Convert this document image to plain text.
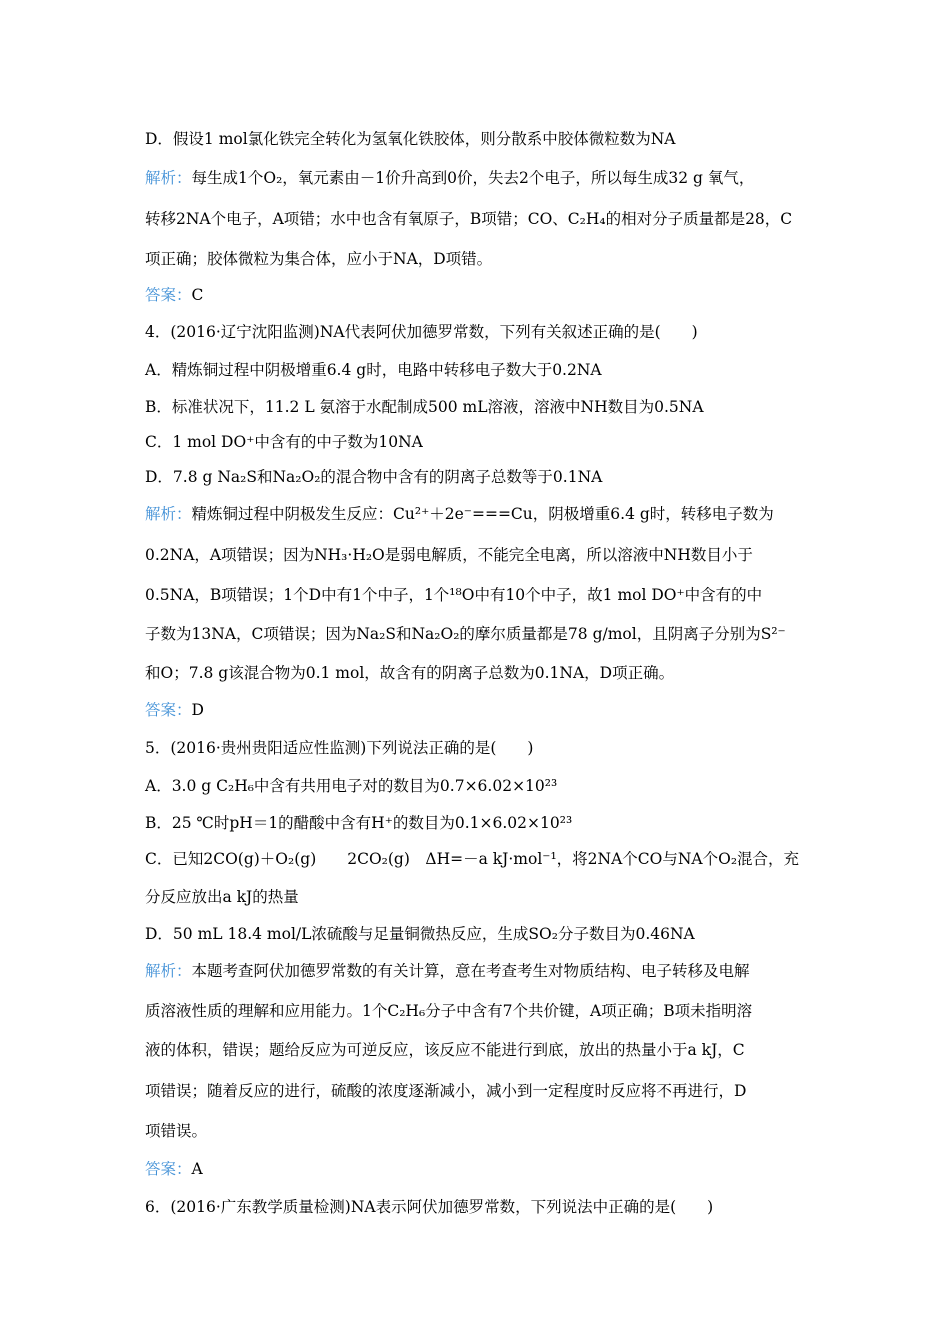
D．假设1 mol氯化铁完全转化为氢氧化铁胶体，则分散系中胶体微粒数为NA
解析：每生成1个O₂，氧元素由－1价升高到0价，失去2个电子，所以每生成32 g 氧气，
转移2NA个电子，A项错；水中也含有氧原子，B项错；CO、C₂H₄的相对分子质量都是28，C
项正确；胶体微粒为集合体，应小于NA，D项错。
答案：C
4．(2016·辽宁沈阳监测)NA代表阿伏加德罗常数，下列有关叙述正确的是(　　)
A．精炼铜过程中阴极增重6.4 g时，电路中转移电子数大于0.2NA
B．标准状况下，11.2 L 氨溶于水配制成500 mL溶液，溶液中NH数目为0.5NA
C．1 mol DO⁺中含有的中子数为10NA
D．7.8 g Na₂S和Na₂O₂的混合物中含有的阴离子总数等于0.1NA
解析：精炼铜过程中阴极发生反应：Cu²⁺＋2e⁻===Cu，阴极增重6.4 g时，转移电子数为
0.2NA，A项错误；因为NH₃·H₂O是弱电解质，不能完全电离，所以溶液中NH数目小于
0.5NA，B项错误；1个D中有1个中子，1个¹⁸O中有10个中子，故1 mol DO⁺中含有的中
子数为13NA，C项错误；因为Na₂S和Na₂O₂的摩尔质量都是78 g/mol，且阴离子分别为S²⁻
和O；7.8 g该混合物为0.1 mol，故含有的阴离子总数为0.1NA，D项正确。
答案：D
5．(2016·贵州贵阳适应性监测)下列说法正确的是(　　)
A．3.0 g C₂H₆中含有共用电子对的数目为0.7×6.02×10²³
B．25 ℃时pH＝1的醋酸中含有H⁺的数目为0.1×6.02×10²³
C．已知2CO(g)＋O₂(g)　　2CO₂(g)　ΔH=－a kJ·mol⁻¹，将2NA个CO与NA个O₂混合，充
分反应放出a kJ的热量
D．50 mL 18.4 mol/L浓硫酸与足量铜微热反应，生成SO₂分子数目为0.46NA
解析：本题考查阿伏加德罗常数的有关计算，意在考查考生对物质结构、电子转移及电解
质溶液性质的理解和应用能力。1个C₂H₆分子中含有7个共价键，A项正确；B项未指明溶
液的体积，错误；题给反应为可逆反应，该反应不能进行到底，放出的热量小于a kJ，C
项错误；随着反应的进行，硫酸的浓度逐渐减小，减小到一定程度时反应将不再进行，D
项错误。
答案：A
6．(2016·广东教学质量检测)NA表示阿伏加德罗常数，下列说法中正确的是(　　)
